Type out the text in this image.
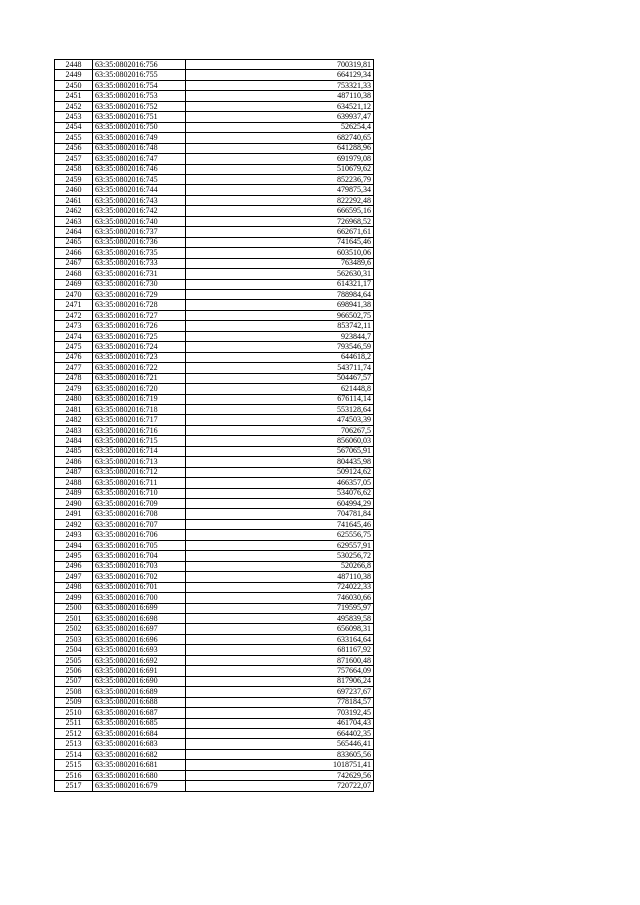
2448	63:35:0802016:756	700319,81
2449	63:35:0802016:755	664129,34
2450	63:35:0802016:754	753321,33
2451	63:35:0802016:753	487110,38
2452	63:35:0802016:752	634521,12
2453	63:35:0802016:751	639937,47
2454	63:35:0802016:750	526254,4
2455	63:35:0802016:749	682740,65
2456	63:35:0802016:748	641288,96
2457	63:35:0802016:747	691979,08
2458	63:35:0802016:746	510679,62
2459	63:35:0802016:745	852236,79
2460	63:35:0802016:744	479875,34
2461	63:35:0802016:743	822292,48
2462	63:35:0802016:742	666595,16
2463	63:35:0802016:740	726968,52
2464	63:35:0802016:737	662671,61
2465	63:35:0802016:736	741645,46
2466	63:35:0802016:735	603510,06
2467	63:35:0802016:733	763489,6
2468	63:35:0802016:731	562630,31
2469	63:35:0802016:730	614321,17
2470	63:35:0802016:729	788984,64
2471	63:35:0802016:728	698941,38
2472	63:35:0802016:727	966502,75
2473	63:35:0802016:726	853742,11
2474	63:35:0802016:725	923844,7
2475	63:35:0802016:724	793546,59
2476	63:35:0802016:723	644618,2
2477	63:35:0802016:722	543711,74
2478	63:35:0802016:721	504467,57
2479	63:35:0802016:720	621448,8
2480	63:35:0802016:719	676114,14
2481	63:35:0802016:718	553128,64
2482	63:35:0802016:717	474503,39
2483	63:35:0802016:716	706267,5
2484	63:35:0802016:715	856060,03
2485	63:35:0802016:714	567065,91
2486	63:35:0802016:713	804435,98
2487	63:35:0802016:712	509124,62
2488	63:35:0802016:711	466357,05
2489	63:35:0802016:710	534076,62
2490	63:35:0802016:709	604994,29
2491	63:35:0802016:708	704781,84
2492	63:35:0802016:707	741645,46
2493	63:35:0802016:706	625556,75
2494	63:35:0802016:705	629557,91
2495	63:35:0802016:704	530256,72
2496	63:35:0802016:703	520266,8
2497	63:35:0802016:702	487110,38
2498	63:35:0802016:701	724022,33
2499	63:35:0802016:700	746030,66
2500	63:35:0802016:699	719595,97
2501	63:35:0802016:698	495839,58
2502	63:35:0802016:697	656098,31
2503	63:35:0802016:696	633164,64
2504	63:35:0802016:693	681167,92
2505	63:35:0802016:692	871600,48
2506	63:35:0802016:691	757664,09
2507	63:35:0802016:690	817906,24
2508	63:35:0802016:689	697237,67
2509	63:35:0802016:688	778184,57
2510	63:35:0802016:687	703192,45
2511	63:35:0802016:685	461704,43
2512	63:35:0802016:684	664402,35
2513	63:35:0802016:683	565446,41
2514	63:35:0802016:682	833605,56
2515	63:35:0802016:681	1018751,41
2516	63:35:0802016:680	742629,56
2517	63:35:0802016:679	720722,07
